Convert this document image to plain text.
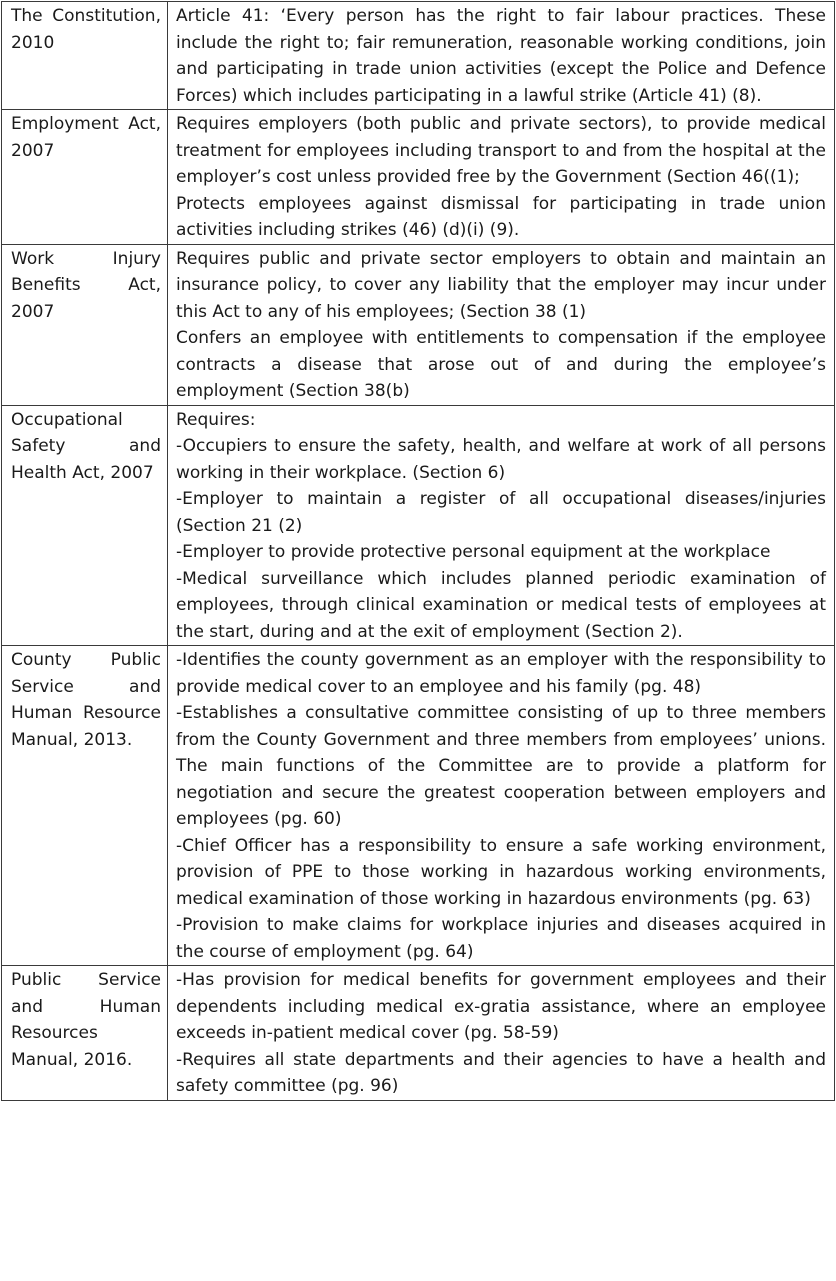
The Constitution, 2010	Article 41: ‘Every person has the right to fair labour practices. These include the right to; fair remuneration, reasonable working conditions, join and participating in trade union activities (except the Police and Defence Forces) which includes participating in a lawful strike (Article 41) (8).

Employment Act, 2007	Requires employers (both public and private sectors), to provide medical treatment for employees including transport to and from the hospital at the employer’s cost unless provided free by the Government (Section 46((1);
Protects employees against dismissal for participating in trade union activities including strikes (46) (d)(i) (9).

Work Injury Benefits Act, 2007	Requires public and private sector employers to obtain and maintain an insurance policy, to cover any liability that the employer may incur under this Act to any of his employees; (Section 38 (1)
Confers an employee with entitlements to compensation if the employee contracts a disease that arose out of and during the employee’s employment (Section 38(b)

Occupational Safety and Health Act, 2007	Requires:
-Occupiers to ensure the safety, health, and welfare at work of all persons working in their workplace. (Section 6)
-Employer to maintain a register of all occupational diseases/injuries (Section 21 (2)
-Employer to provide protective personal equipment at the workplace
-Medical surveillance which includes planned periodic examination of employees, through clinical examination or medical tests of employees at the start, during and at the exit of employment (Section 2).

County Public Service and Human Resource Manual, 2013.	-Identifies the county government as an employer with the responsibility to provide medical cover to an employee and his family (pg. 48)
-Establishes a consultative committee consisting of up to three members from the County Government and three members from employees’ unions. The main functions of the Committee are to provide a platform for negotiation and secure the greatest cooperation between employers and employees (pg. 60)
-Chief Officer has a responsibility to ensure a safe working environment, provision of PPE to those working in hazardous working environments, medical examination of those working in hazardous environments (pg. 63)
-Provision to make claims for workplace injuries and diseases acquired in the course of employment (pg. 64)

Public Service and Human Resources Manual, 2016.	-Has provision for medical benefits for government employees and their dependents including medical ex-gratia assistance, where an employee exceeds in-patient medical cover (pg. 58-59)
-Requires all state departments and their agencies to have a health and safety committee (pg. 96)
